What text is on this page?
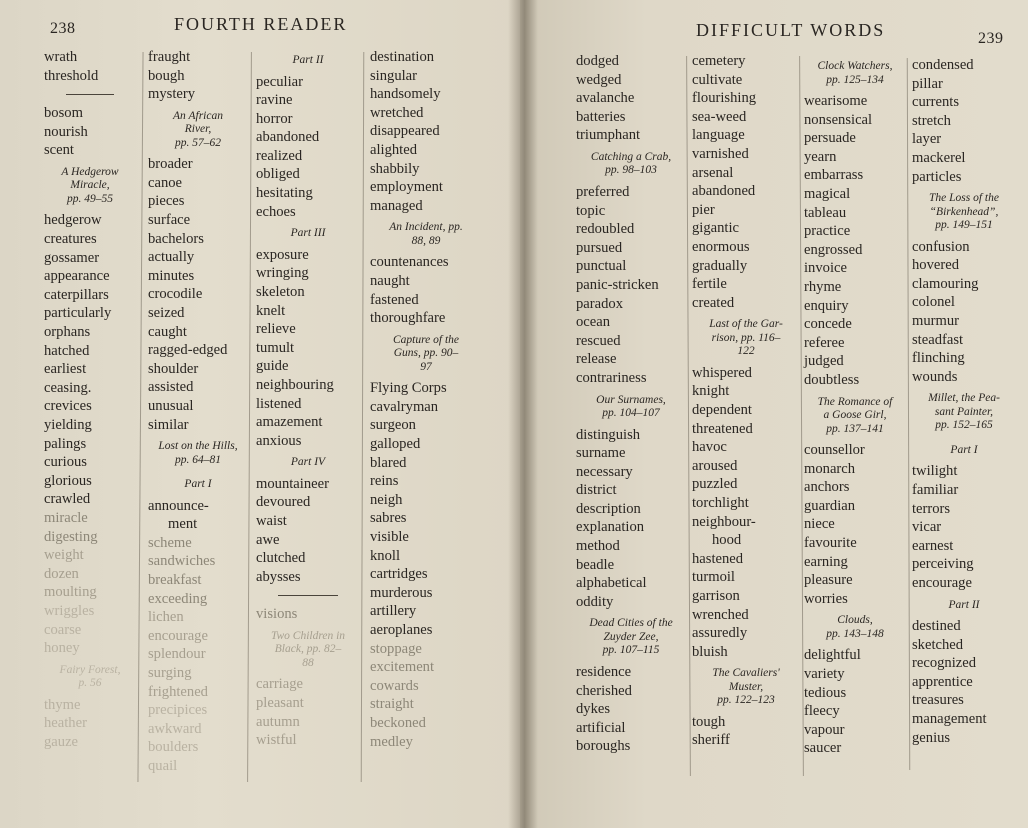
238	FOURTH READER
wrath
threshold
bosom
nourish
scent
A Hedgerow
Miracle,
pp. 49–55
hedgerow
creatures
gossamer
appearance
caterpillars
particularly
orphans
hatched
earliest
ceasing.
crevices
yielding
palings
curious
glorious
crawled
miracle
digesting
weight
dozen
moulting
wriggles
coarse
honey
Fairy Forest,
p. 56
thyme
heather
gauze
fraught
bough
mystery
An African
River,
pp. 57–62
broader
canoe
pieces
surface
bachelors
actually
minutes
crocodile
seized
caught
ragged-edged
shoulder
assisted
unusual
similar
Lost on the Hills,
pp. 64–81
Part I
announce-
ment
scheme
sandwiches
breakfast
exceeding
lichen
encourage
splendour
surging
frightened
precipices
awkward
boulders
quail
Part II
peculiar
ravine
horror
abandoned
realized
obliged
hesitating
echoes
Part III
exposure
wringing
skeleton
knelt
relieve
tumult
guide
neighbouring
listened
amazement
anxious
Part IV
mountaineer
devoured
waist
awe
clutched
abysses
visions
Two Children in
Black, pp. 82–
88
carriage
pleasant
autumn
wistful
destination
singular
handsomely
wretched
disappeared
alighted
shabbily
employment
managed
An Incident, pp.
88, 89
countenances
naught
fastened
thoroughfare
Capture of the
Guns, pp. 90–
97
Flying Corps
cavalryman
surgeon
galloped
blared
reins
neigh
sabres
visible
knoll
cartridges
murderous
artillery
aeroplanes
stoppage
excitement
cowards
straight
beckoned
medley
DIFFICULT WORDS	239
dodged
wedged
avalanche
batteries
triumphant
Catching a Crab,
pp. 98–103
preferred
topic
redoubled
pursued
punctual
panic-stricken
paradox
ocean
rescued
release
contrariness
Our Surnames,
pp. 104–107
distinguish
surname
necessary
district
description
explanation
method
beadle
alphabetical
oddity
Dead Cities of the
Zuyder Zee,
pp. 107–115
residence
cherished
dykes
artificial
boroughs
cemetery
cultivate
flourishing
sea-weed
language
varnished
arsenal
abandoned
pier
gigantic
enormous
gradually
fertile
created
Last of the Gar-
rison, pp. 116–
122
whispered
knight
dependent
threatened
havoc
aroused
puzzled
torchlight
neighbour-
hood
hastened
turmoil
garrison
wrenched
assuredly
bluish
The Cavaliers'
Muster,
pp. 122–123
tough
sheriff
Clock Watchers,
pp. 125–134
wearisome
nonsensical
persuade
yearn
embarrass
magical
tableau
practice
engrossed
invoice
rhyme
enquiry
concede
referee
judged
doubtless
The Romance of
a Goose Girl,
pp. 137–141
counsellor
monarch
anchors
guardian
niece
favourite
earning
pleasure
worries
Clouds,
pp. 143–148
delightful
variety
tedious
fleecy
vapour
saucer
condensed
pillar
currents
stretch
layer
mackerel
particles
The Loss of the
“Birkenhead”,
pp. 149–151
confusion
hovered
clamouring
colonel
murmur
steadfast
flinching
wounds
Millet, the Pea-
sant Painter,
pp. 152–165
Part I
twilight
familiar
terrors
vicar
earnest
perceiving
encourage
Part II
destined
sketched
recognized
apprentice
treasures
management
genius
